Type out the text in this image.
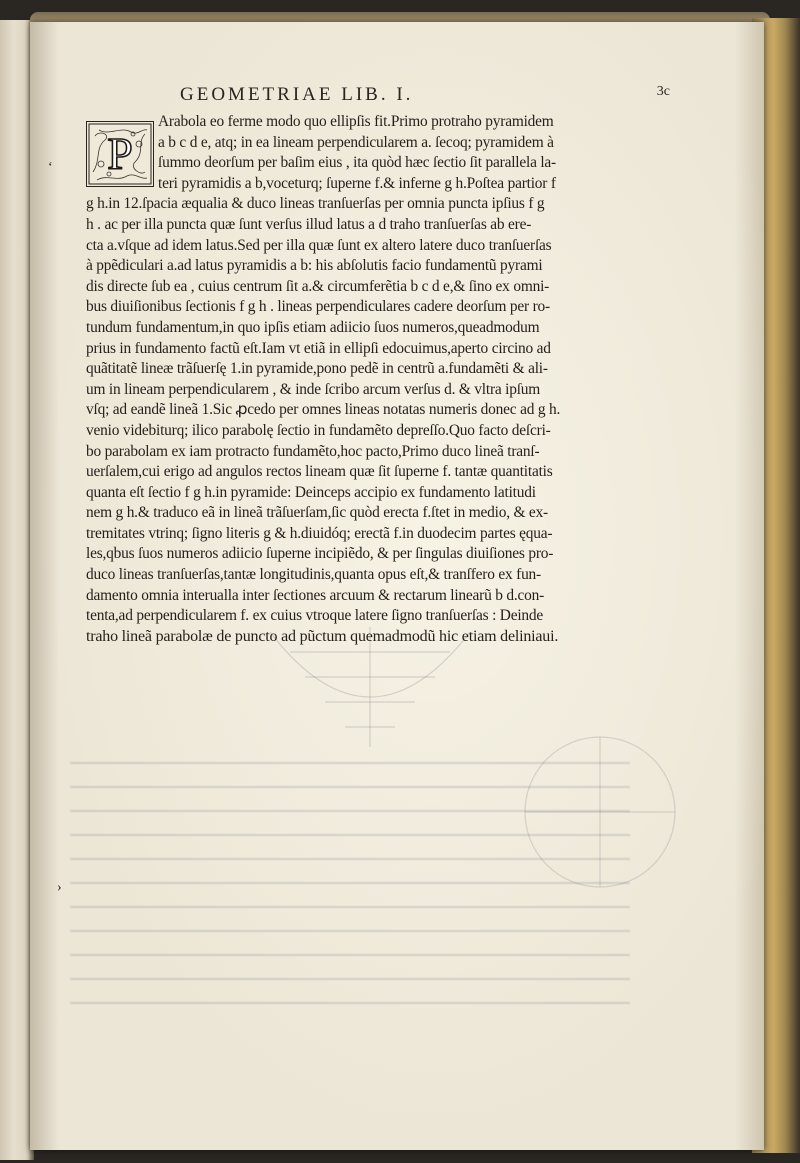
GEOMETRIAE LIB. I.	3c
‘
›
P
Arabola eo ferme modo quo ellipſis fit.Primo protraho pyramidem
a b c d e, atq; in ea lineam perpendicularem a. ſecoq; pyramidem à
ſummo deorſum per baſim eius , ita quòd hæc ſectio ſit parallela la-
teri pyramidis a b,voceturq; ſuperne f.& inferne g h.Poſtea partior f
g h.in 12.ſpacia æqualia & duco lineas tranſuerſas per omnia puncta ipſius f g
h . ac per illa puncta quæ ſunt verſus illud latus a d traho tranſuerſas ab ere-
cta a.vſque ad idem latus.Sed per illa quæ ſunt ex altero latere duco tranſuerſas
à ppẽdiculari a.ad latus pyramidis a b: his abſolutis facio fundamentũ pyrami
dis directe ſub ea , cuius centrum ſit a.& circumferẽtia b c d e,& ſino ex omni-
bus diuiſionibus ſectionis f g h . lineas perpendiculares cadere deorſum per ro-
tundum fundamentum,in quo ipſis etiam adiicio ſuos numeros,queadmodum
prius in fundamento factũ eſt.Iam vt etiã in ellipſi edocuimus,aperto circino ad
quãtitatẽ lineæ trãſuerſę 1.in pyramide,pono pedẽ in centrũ a.fundamẽti & ali-
um in lineam perpendicularem , & inde ſcribo arcum verſus d. & vltra ipſum
vſq; ad eandẽ lineã 1.Sic ꝓcedo per omnes lineas notatas numeris donec ad g h.
venio videbiturq; ilico parabolę ſectio in fundamẽto depreſſo.Quo facto deſcri-
bo parabolam ex iam protracto fundamẽto,hoc pacto,Primo duco lineã tranſ-
uerſalem,cui erigo ad angulos rectos lineam quæ ſit ſuperne f. tantæ quantitatis
quanta eſt ſectio f g h.in pyramide: Deinceps accipio ex fundamento latitudi
nem g h.& traduco eã in lineã trãſuerſam,ſic quòd erecta f.ſtet in medio, & ex-
tremitates vtrinq; ſigno literis g & h.diuidóq; erectã f.in duodecim partes ęqua-
les,qbus ſuos numeros adiicio ſuperne incipiẽdo, & per ſingulas diuiſiones pro-
duco lineas tranſuerſas,tantæ longitudinis,quanta opus eſt,& tranſfero ex fun-
damento omnia interualla inter ſectiones arcuum & rectarum linearũ b d.con-
tenta,ad perpendicularem f. ex cuius vtroque latere ſigno tranſuerſas : Deinde
traho lineã parabolæ de puncto ad pũctum quemadmodũ hic etiam deliniaui.
